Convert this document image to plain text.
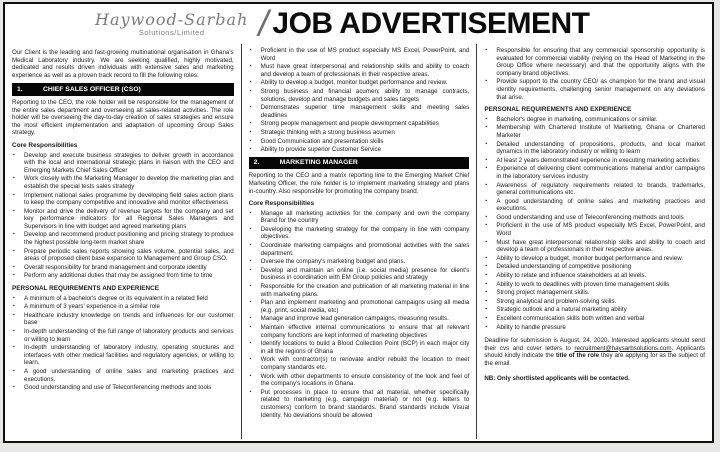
Haywood-Sarbah
Solutions/Limited	/ JOB ADVERTISEMENT
Our Client is the leading and fast-growing multinational organisation in Ghana's Medical Laboratory industry. We are seeking qualified, highly motivated, dedicated and results driven individuals with extensive sales and marketing experience as well as a proven track record to fill the following roles:
1.	CHIEF SALES OFFICER (CSO)
Reporting to the CEO, the role holder will be responsible for the management of the entire sales department and overseeing all sales-related activities. The role holder will be overseeing the day-to-day creation of sales strategies and ensure the most efficient implementation and adaptation of upcoming Group Sales strategy.
Core Responsibilities
▪	Develop and execute business strategies to deliver growth in accordance with the local and international strategic plans in liaison with the CEO and Emerging Markets Chief Sales Officer
▪	Work closely with the Marketing Manager to develop the marketing plan and establish the special tests sales strategy
▪	Implement national sales programme by developing field sales action plans to keep the company competitive and innovative and monitor effectiveness
▪	Monitor and drive the delivery of revenue targets for the company and set key performance indicators for all Regional Sales Managers and Supervisors in line with budget and agreed marketing plans
▪	Develop and recommend product positioning and pricing strategy to produce the highest possible long-term market share
▪	Prepare periodic sales reports showing sales volume, potential sales, and areas of proposed client base expansion to Management and Group CSO.
▪	Overall responsibility for brand management and corporate identity
▪	Perform any additional duties that may be assigned from time to time
PERSONAL REQUIREMENTS AND EXPERIENCE
▪	A minimum of a bachelor's degree or its equivalent in a related field
▪	A minimum of 3 years' experience in a similar role
▪	Healthcare industry knowledge on trends and influences for our customer base
▪	In-depth understanding of the full range of laboratory products and services or willing to learn
▪	In-depth understanding of laboratory industry, operating structures and interfaces with other medical facilities and regulatory agencies, or willing to learn.
▪	A good understanding of online sales and marketing practices and executions.
▪	Good understanding and use of Teleconferencing methods and tools
▪	Proficient in the use of MS product especially MS Excel, PowerPoint, and Word
▪	Must have great interpersonal and relationship skills and ability to coach and develop a team of professionals in their respective areas.
▪	Ability to develop a budget, monitor budget performance and review.
▪	Strong business and financial acumen: ability to manage contracts, solutions, develop and manage budgets and sales targets
▪	Demonstrates superior time management skills and meeting sales deadlines
▪	Strong people management and people development capabilities
▪	Strategic thinking with a strong business acumen
▪	Good Communication and presentation skills
▪	Ability to provide superior Customer Service
2.	MARKETING MANAGER
Reporting to the CEO and a matrix reporting line to the Emerging Market Chief Marketing Officer, the role holder is to implement marketing strategy and plans in-country. Also responsible for promoting the company brand.
Core Responsibilities
▪	Manage all marketing activities for the company and own the company Brand for the country
▪	Developing the marketing strategy for the company in line with company objectives.
▪	Coordinate marketing campaigns and promotional activities with the sales department.
▪	Oversee the company's marketing budget and plans.
▪	Develop and maintain an online (i.e. social media) presence for client's business in coordination with EM Group policies and strategy
▪	Responsible for the creation and publication of all marketing material in line with marketing plans.
▪	Plan and implement marketing and promotional campaigns using all media (e.g. print, social media, etc)
▪	Manage and improve lead generation campaigns, measuring results.
▪	Maintain effective internal communications to ensure that all relevant company functions are kept informed of marketing objectives
▪	Identify locations to build a Blood Collection Point (BCP) in each major city in all the regions of Ghana
▪	Work with contractor(s) to renovate and/or rebuild the location to meet company standards etc.
▪	Work with other departments to ensure consistency of the look and feel of the company's locations in Ghana.
▪	Put processes in place to ensure that all material, whether specifically related to marketing (e.g. campaign material) or not (e.g. letters to customers) conform to brand standards. Brand standards include Visual Identity. No deviations should be allowed
▪	Responsible for ensuring that any commercial sponsorship opportunity is evaluated for commercial viability (relying on the Head of Marketing in the Group Office where necessary) and that the opportunity aligns with the company brand objectives.
▪	Provide support to the country CEO/ as champion for the brand and visual identity requirements, challenging senior management on any deviations that arise.
PERSONAL REQUIREMENTS AND EXPERIENCE
▪	Bachelor's degree in marketing, communications or similar.
▪	Membership with Chartered Institute of Marketing, Ghana or Chartered Marketer
▪	Detailed understanding of propositions, products, and local market dynamics in the laboratory industry or willing to learn
▪	At least 2 years demonstrated experience in executing marketing activities
▪	Experience of delivering client communications material and/or campaigns in the laboratory services industry
▪	Awareness of regulatory requirements related to brands, trademarks, general communications etc.
▪	A good understanding of online sales and marketing practices and executions.
▪	Good understanding and use of Teleconferencing methods and tools
▪	Proficient in the use of MS product especially MS Excel, PowerPoint, and Word
▪	Must have great interpersonal relationship skills and ability to coach and develop a team of professionals in their respective areas.
▪	Ability to develop a budget, monitor budget performance and review.
▪	Detailed understanding of competitive positioning
▪	Ability to relate and influence stakeholders at all levels.
▪	Ability to work to deadlines with proven time management skills
▪	Strong project management skills.
▪	Strong analytical and problem-solving skills.
▪	Strategic outlook and a natural marketing ability
▪	Excellent communication skills both written and verbal
▪	Ability to handle pressure
Deadline for submission is August, 24, 2020. Interested applicants should send their cvs and cover letters to recruitment@haysarbsolutions.com. Applicants should kindly indicate the title of the role they are applying for as the subject of the email.
NB: Only shortlisted applicants will be contacted.
